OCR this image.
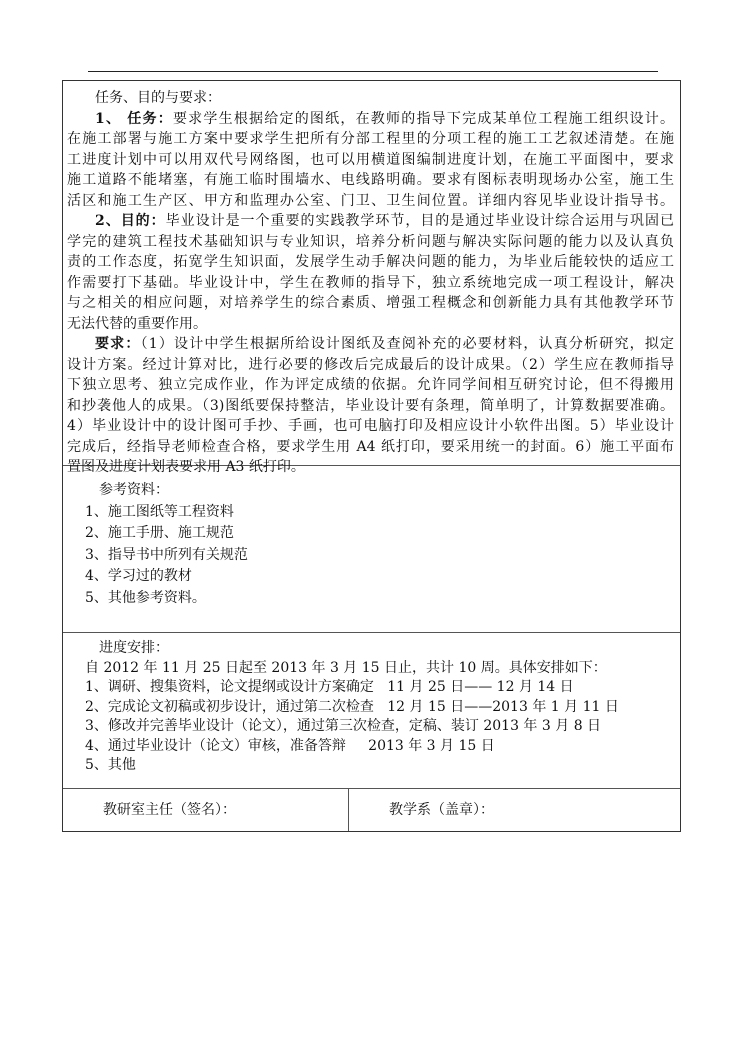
任务、目的与要求：
1、 任务：要求学生根据给定的图纸，在教师的指导下完成某单位工程施工组织设计。
在施工部署与施工方案中要求学生把所有分部工程里的分项工程的施工工艺叙述清楚。在施
工进度计划中可以用双代号网络图，也可以用横道图编制进度计划，在施工平面图中，要求
施工道路不能堵塞，有施工临时围墙水、电线路明确。要求有图标表明现场办公室，施工生
活区和施工生产区、甲方和监理办公室、门卫、卫生间位置。详细内容见毕业设计指导书。
2、目的：毕业设计是一个重要的实践教学环节，目的是通过毕业设计综合运用与巩固已
学完的建筑工程技术基础知识与专业知识，培养分析问题与解决实际问题的能力以及认真负
责的工作态度，拓宽学生知识面，发展学生动手解决问题的能力，为毕业后能较快的适应工
作需要打下基础。毕业设计中，学生在教师的指导下，独立系统地完成一项工程设计，解决
与之相关的相应问题，对培养学生的综合素质、增强工程概念和创新能力具有其他教学环节
无法代替的重要作用。
要求：（1）设计中学生根据所给设计图纸及查阅补充的必要材料，认真分析研究，拟定
设计方案。经过计算对比，进行必要的修改后完成最后的设计成果。（2）学生应在教师指导
下独立思考、独立完成作业，作为评定成绩的依据。允许同学间相互研究讨论，但不得搬用
和抄袭他人的成果。（3)图纸要保持整洁，毕业设计要有条理，简单明了，计算数据要准确。
4）毕业设计中的设计图可手抄、手画，也可电脑打印及相应设计小软件出图。5）毕业设计
完成后，经指导老师检查合格，要求学生用 A4 纸打印，要采用统一的封面。6）施工平面布
置图及进度计划表要求用 A3 纸打印。
参考资料：
1、施工图纸等工程资料
2、施工手册、施工规范
3、指导书中所列有关规范
4、学习过的教材
5、其他参考资料。
进度安排：
自 2012 年 11 月 25 日起至 2013 年 3 月 15 日止，共计 10 周。具体安排如下：
1、调研、搜集资料，论文提纲或设计方案确定   11 月 25 日—— 12 月 14 日
2、完成论文初稿或初步设计，通过第二次检查   12 月 15 日——2013 年 1 月 11 日
3、修改并完善毕业设计（论文），通过第三次检查，定稿、装订 2013 年 3 月 8 日
4、通过毕业设计（论文）审核，准备答辩     2013 年 3 月 15 日
5、其他
教研室主任（签名）：	教学系（盖章）：
